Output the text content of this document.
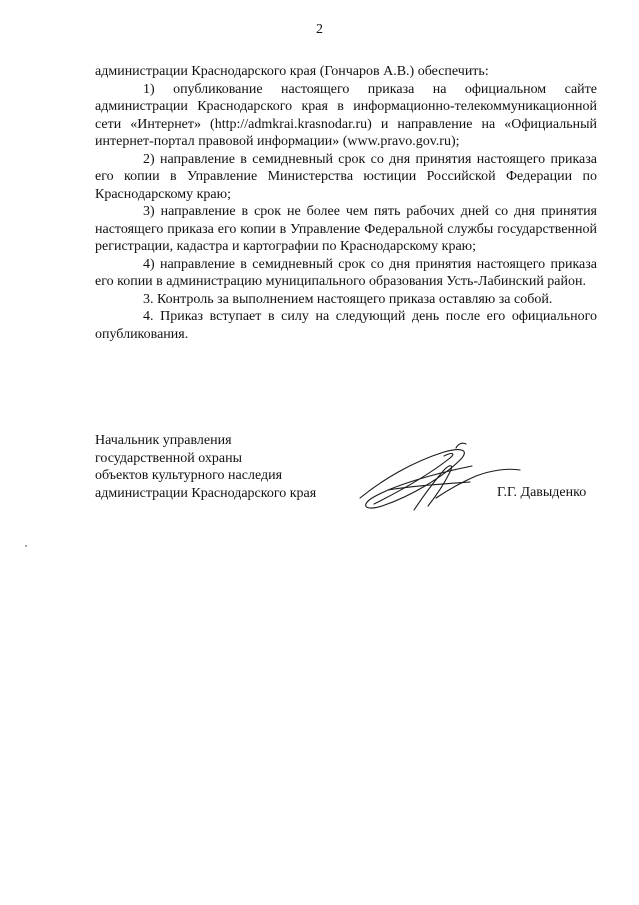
2

администрации Краснодарского края (Гончаров А.В.) обеспечить:

1) опубликование настоящего приказа на официальном сайте администрации Краснодарского края в информационно-телекоммуникационной сети «Интернет» (http://admkrai.krasnodar.ru) и направление на «Официальный интернет-портал правовой информации» (www.pravo.gov.ru);

2) направление в семидневный срок со дня принятия настоящего приказа его копии в Управление Министерства юстиции Российской Федерации по Краснодарскому краю;

3) направление в срок не более чем пять рабочих дней со дня принятия настоящего приказа его копии в Управление Федеральной службы государственной регистрации, кадастра и картографии по Краснодарскому краю;

4) направление в семидневный срок со дня принятия настоящего приказа его копии в администрацию муниципального образования Усть-Лабинский район.

3. Контроль за выполнением настоящего приказа оставляю за собой.

4. Приказ вступает в силу на следующий день после его официального опубликования.

Начальник управления
государственной охраны
объектов культурного наследия
администрации Краснодарского края	Г.Г. Давыденко
